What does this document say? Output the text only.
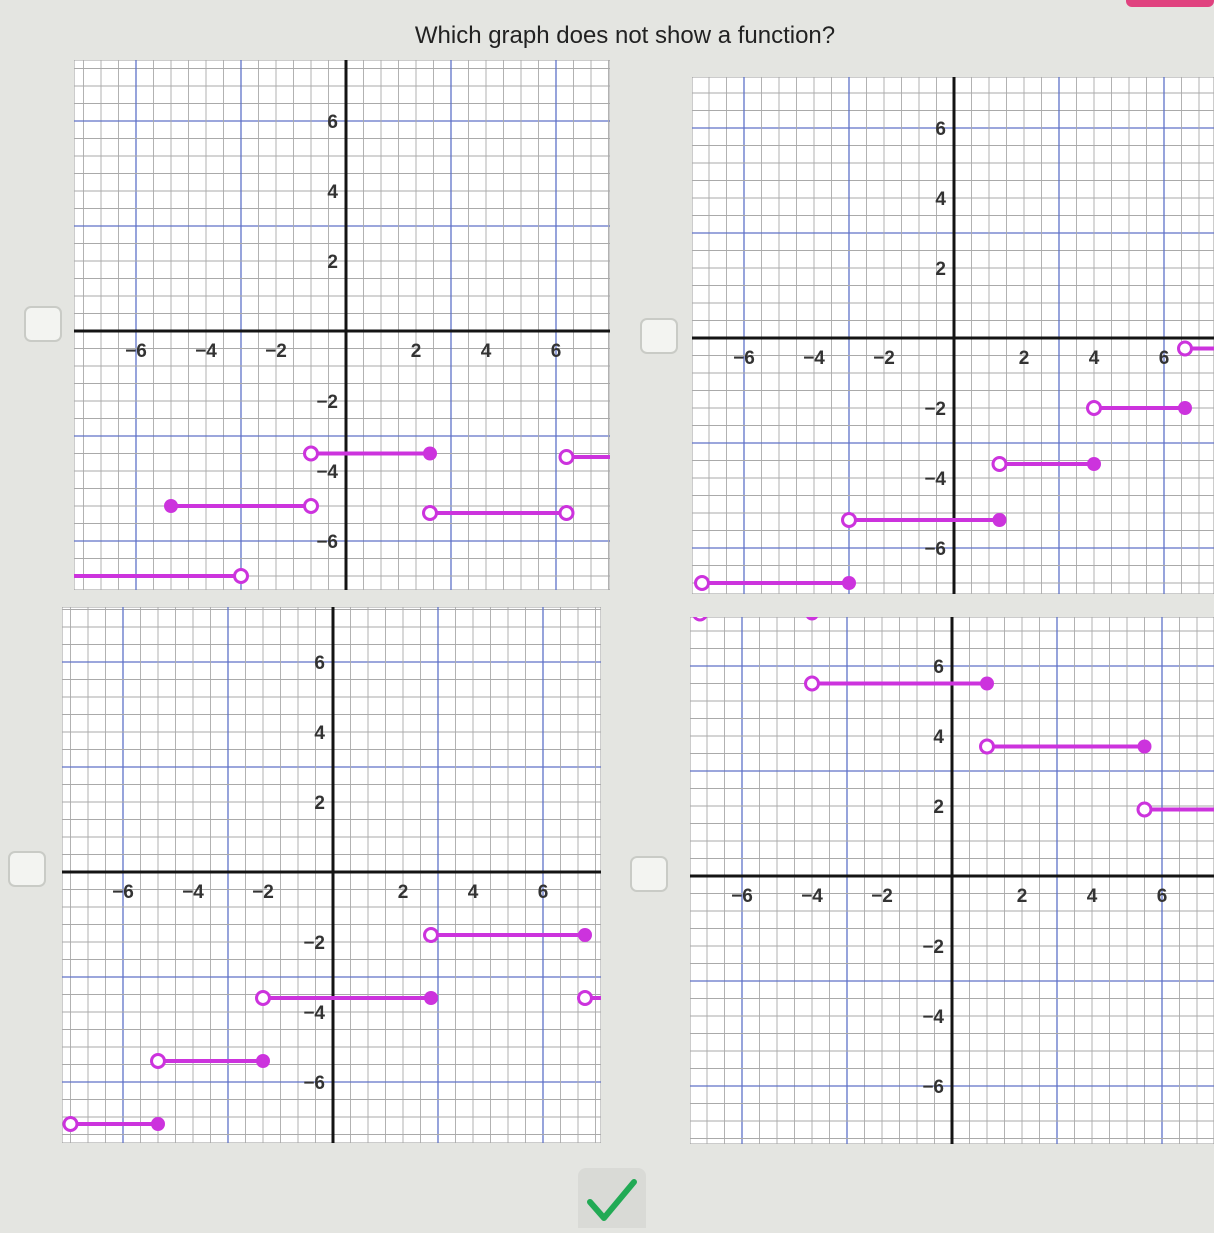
Which graph does not show a function?
−6	−4	−2	2	4	6
6
4
2
−2
−4
−6
−6	−4	−2	2	4	6
6
4
2
−2
−4
−6
−6	−4	−2	2	4	6
6
4
2
−2
−4
−6
−6	−4	−2	2	4	6
6
4
2
−2
−4
−6
